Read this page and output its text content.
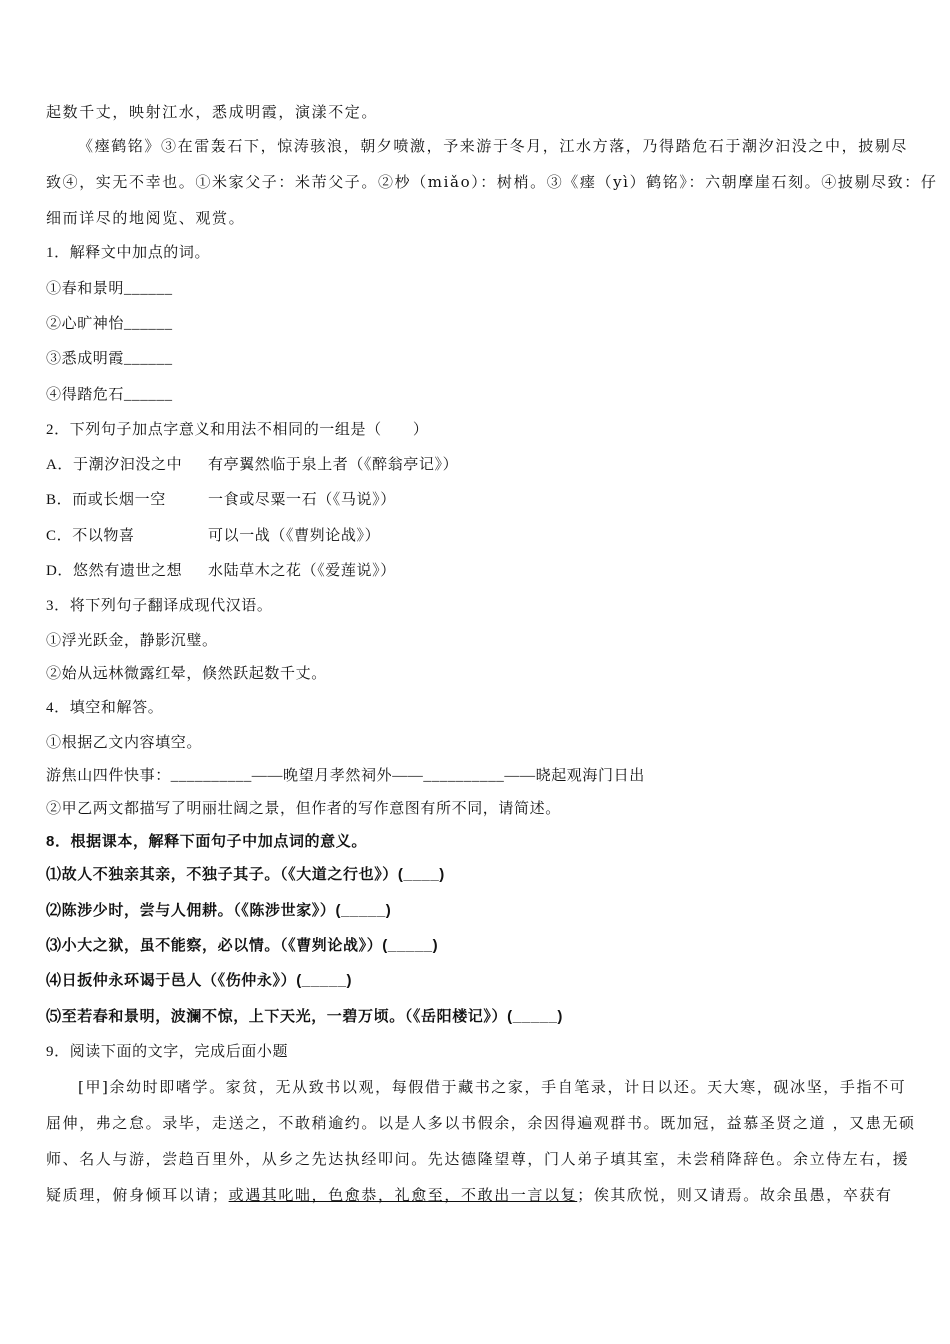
起数千丈，映射江水，悉成明霞，演漾不定。
《瘞鹤铭》③在雷轰石下，惊涛骇浪，朝夕喷激，予来游于冬月，江水方落，乃得踏危石于潮汐汩没之中，披剔尽
致④，实无不幸也。①米家父子：米芾父子。②杪（miǎo）：树梢。③《瘗（yì）鹤铭》：六朝摩崖石刻。④披剔尽致：仔
细而详尽的地阅览、观赏。
1．解释文中加点的词。
①春和景明______
②心旷神怡______
③悉成明霞______
④得踏危石______
2．下列句子加点字意义和用法不相同的一组是（　　）
A．于潮汐汩没之中 有亭翼然临于泉上者（《醉翁亭记》）
B．而或长烟一空	一食或尽粟一石（《马说》）
C．不以物喜	可以一战（《曹刿论战》）
D．悠然有遗世之想 水陆草木之花（《爱莲说》）
3．将下列句子翻译成现代汉语。
①浮光跃金，静影沉璧。
②始从远林微露红晕，倏然跃起数千丈。
4．填空和解答。
①根据乙文内容填空。
游焦山四件快事：__________——晚望月孝然祠外——__________——晓起观海门日出
②甲乙两文都描写了明丽壮阔之景，但作者的写作意图有所不同，请简述。
8．根据课本，解释下面句子中加点词的意义。
⑴故人不独亲其亲，不独子其子。（《大道之行也》）(____)
⑵陈涉少时，尝与人佣耕。（《陈涉世家》）(_____)
⑶小大之狱，虽不能察，必以情。（《曹刿论战》）(_____)
⑷日扳仲永环谒于邑人（《伤仲永》）(_____)
⑸至若春和景明，波澜不惊，上下天光，一碧万顷。（《岳阳楼记》）(_____)
9．阅读下面的文字，完成后面小题
[甲]余幼时即嗜学。家贫，无从致书以观，每假借于藏书之家，手自笔录，计日以还。天大寒，砚冰坚，手指不可
屈伸，弗之怠。录毕，走送之，不敢稍逾约。以是人多以书假余，余因得遍观群书。既加冠，益慕圣贤之道 ，又患无硕
师、名人与游，尝趋百里外，从乡之先达执经叩问。先达德隆望尊，门人弟子填其室，未尝稍降辞色。余立侍左右，援
疑质理，俯身倾耳以请；或遇其叱咄，色愈恭，礼愈至，不敢出一言以复；俟其欣悦，则又请焉。故余虽愚，卒获有
